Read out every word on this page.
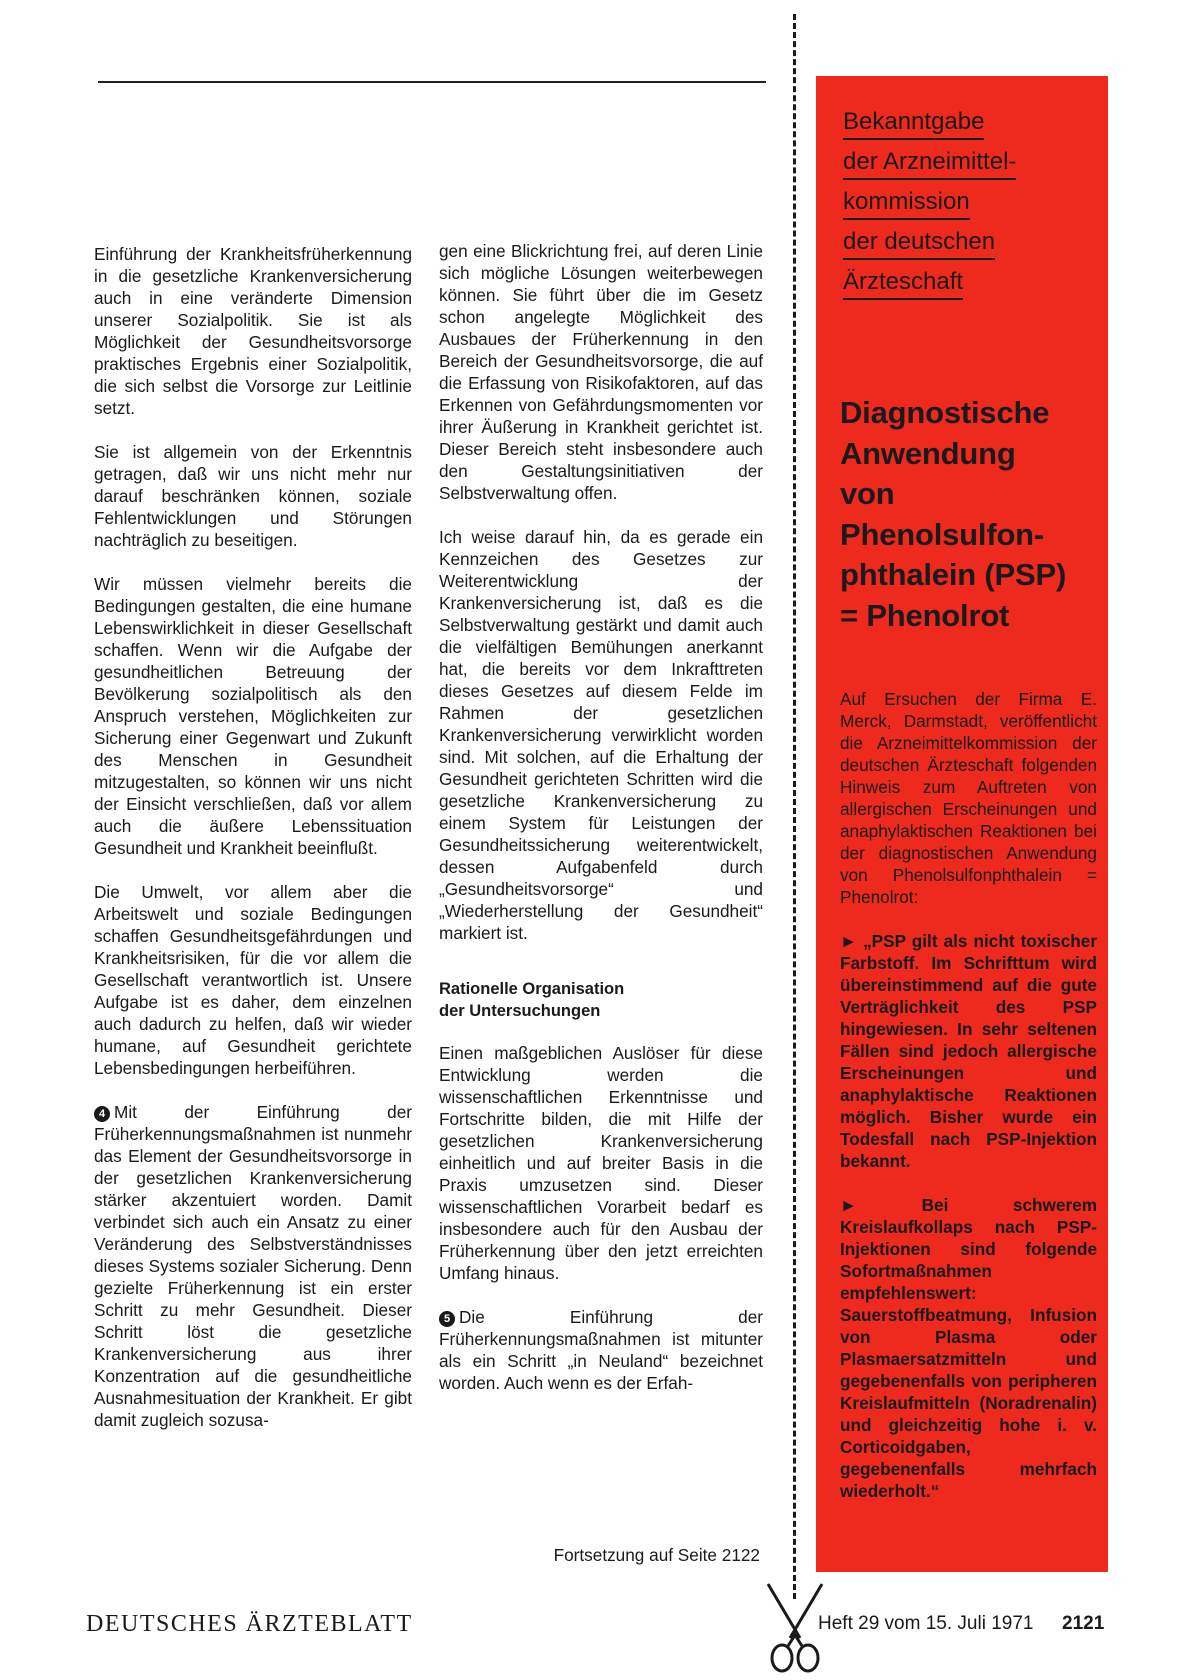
Einführung der Krankheitsfrüherkennung in die gesetzliche Krankenversicherung auch in eine veränderte Dimension unserer Sozialpolitik. Sie ist als Möglichkeit der Gesundheitsvorsorge praktisches Ergebnis einer Sozialpolitik, die sich selbst die Vorsorge zur Leitlinie setzt.

Sie ist allgemein von der Erkenntnis getragen, daß wir uns nicht mehr nur darauf beschränken können, soziale Fehlentwicklungen und Störungen nachträglich zu beseitigen.

Wir müssen vielmehr bereits die Bedingungen gestalten, die eine humane Lebenswirklichkeit in dieser Gesellschaft schaffen. Wenn wir die Aufgabe der gesundheitlichen Betreuung der Bevölkerung sozialpolitisch als den Anspruch verstehen, Möglichkeiten zur Sicherung einer Gegenwart und Zukunft des Menschen in Gesundheit mitzugestalten, so können wir uns nicht der Einsicht verschließen, daß vor allem auch die äußere Lebenssituation Gesundheit und Krankheit beeinflußt.

Die Umwelt, vor allem aber die Arbeitswelt und soziale Bedingungen schaffen Gesundheitsgefährdungen und Krankheitsrisiken, für die vor allem die Gesellschaft verantwortlich ist. Unsere Aufgabe ist es daher, dem einzelnen auch dadurch zu helfen, daß wir wieder humane, auf Gesundheit gerichtete Lebensbedingungen herbeiführen.

4 Mit der Einführung der Früherkennungsmaßnahmen ist nunmehr das Element der Gesundheitsvorsorge in der gesetzlichen Krankenversicherung stärker akzentuiert worden. Damit verbindet sich auch ein Ansatz zu einer Veränderung des Selbstverständnisses dieses Systems sozialer Sicherung. Denn gezielte Früherkennung ist ein erster Schritt zu mehr Gesundheit. Dieser Schritt löst die gesetzliche Krankenversicherung aus ihrer Konzentration auf die gesundheitliche Ausnahmesituation der Krankheit. Er gibt damit zugleich sozusa-

gen eine Blickrichtung frei, auf deren Linie sich mögliche Lösungen weiterbewegen können. Sie führt über die im Gesetz schon angelegte Möglichkeit des Ausbaues der Früherkennung in den Bereich der Gesundheitsvorsorge, die auf die Erfassung von Risikofaktoren, auf das Erkennen von Gefährdungsmomenten vor ihrer Äußerung in Krankheit gerichtet ist. Dieser Bereich steht insbesondere auch den Gestaltungsinitiativen der Selbstverwaltung offen.

Ich weise darauf hin, da es gerade ein Kennzeichen des Gesetzes zur Weiterentwicklung der Krankenversicherung ist, daß es die Selbstverwaltung gestärkt und damit auch die vielfältigen Bemühungen anerkannt hat, die bereits vor dem Inkrafttreten dieses Gesetzes auf diesem Felde im Rahmen der gesetzlichen Krankenversicherung verwirklicht worden sind. Mit solchen, auf die Erhaltung der Gesundheit gerichteten Schritten wird die gesetzliche Krankenversicherung zu einem System für Leistungen der Gesundheitssicherung weiterentwickelt, dessen Aufgabenfeld durch „Gesundheitsvorsorge“ und „Wiederherstellung der Gesundheit“ markiert ist.

Rationelle Organisation
der Untersuchungen

Einen maßgeblichen Auslöser für diese Entwicklung werden die wissenschaftlichen Erkenntnisse und Fortschritte bilden, die mit Hilfe der gesetzlichen Krankenversicherung einheitlich und auf breiter Basis in die Praxis umzusetzen sind. Dieser wissenschaftlichen Vorarbeit bedarf es insbesondere auch für den Ausbau der Früherkennung über den jetzt erreichten Umfang hinaus.

5 Die Einführung der Früherkennungsmaßnahmen ist mitunter als ein Schritt „in Neuland“ bezeichnet worden. Auch wenn es der Erfah-

Fortsetzung auf Seite 2122
Bekanntgabe
der Arzneimittel-
kommission
der deutschen
Ärzteschaft
Diagnostische
Anwendung
von
Phenolsulfon-
phthalein (PSP)
= Phenolrot

Auf Ersuchen der Firma E. Merck, Darmstadt, veröffentlicht die Arzneimittelkommission der deutschen Ärzteschaft folgenden Hinweis zum Auftreten von allergischen Erscheinungen und anaphylaktischen Reaktionen bei der diagnostischen Anwendung von Phenolsulfonphthalein = Phenolrot:

► „PSP gilt als nicht toxischer Farbstoff. Im Schrifttum wird übereinstimmend auf die gute Verträglichkeit des PSP hingewiesen. In sehr seltenen Fällen sind jedoch allergische Erscheinungen und anaphylaktische Reaktionen möglich. Bisher wurde ein Todesfall nach PSP-Injektion bekannt.

►	Bei schwerem Kreislaufkollaps nach PSP-Injektionen sind folgende Sofortmaßnahmen empfehlenswert: Sauerstoffbeatmung, Infusion von Plasma oder Plasmaersatzmitteln und gegebenenfalls von peripheren Kreislaufmitteln (Noradrenalin) und gleichzeitig hohe i. v. Corticoidgaben, gegebenenfalls mehrfach wiederholt.“

DEUTSCHES ÄRZTEBLATT	Heft 29 vom 15. Juli 1971 2121
